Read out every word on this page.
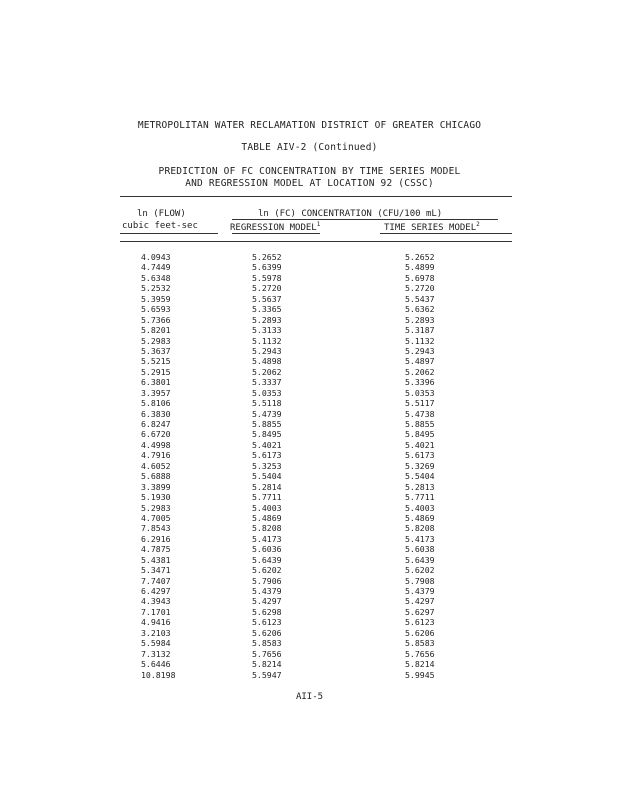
METROPOLITAN WATER RECLAMATION DISTRICT OF GREATER CHICAGO
TABLE AIV-2 (Continued)
PREDICTION OF FC CONCENTRATION BY TIME SERIES MODEL
AND REGRESSION MODEL AT LOCATION 92 (CSSC)
ln (FLOW)
cubic feet-sec
ln (FC) CONCENTRATION (CFU/100 mL)
REGRESSION MODEL$^1$	TIME SERIES MODEL$^2$
4.0943	5.2652	5.2652
4.7449	5.6399	5.4899
5.6348	5.5978	5.6978
5.2532	5.2720	5.2720
5.3959	5.5637	5.5437
5.6593	5.3365	5.6362
5.7366	5.2893	5.2893
5.8201	5.3133	5.3187
5.2983	5.1132	5.1132
5.3637	5.2943	5.2943
5.5215	5.4898	5.4897
5.2915	5.2062	5.2062
6.3801	5.3337	5.3396
3.3957	5.0353	5.0353
5.8106	5.5118	5.5117
6.3830	5.4739	5.4738
6.8247	5.8855	5.8855
6.6720	5.8495	5.8495
4.4998	5.4021	5.4021
4.7916	5.6173	5.6173
4.6052	5.3253	5.3269
5.6888	5.5404	5.5404
3.3899	5.2814	5.2813
5.1930	5.7711	5.7711
5.2983	5.4003	5.4003
4.7005	5.4869	5.4869
7.8543	5.8208	5.8208
6.2916	5.4173	5.4173
4.7875	5.6036	5.6038
5.4381	5.6439	5.6439
5.3471	5.6202	5.6202
7.7407	5.7906	5.7908
6.4297	5.4379	5.4379
4.3943	5.4297	5.4297
7.1701	5.6298	5.6297
4.9416	5.6123	5.6123
3.2103	5.6206	5.6206
5.5984	5.8583	5.8583
7.3132	5.7656	5.7656
5.6446	5.8214	5.8214
10.8198	5.5947	5.9945
AII-5
